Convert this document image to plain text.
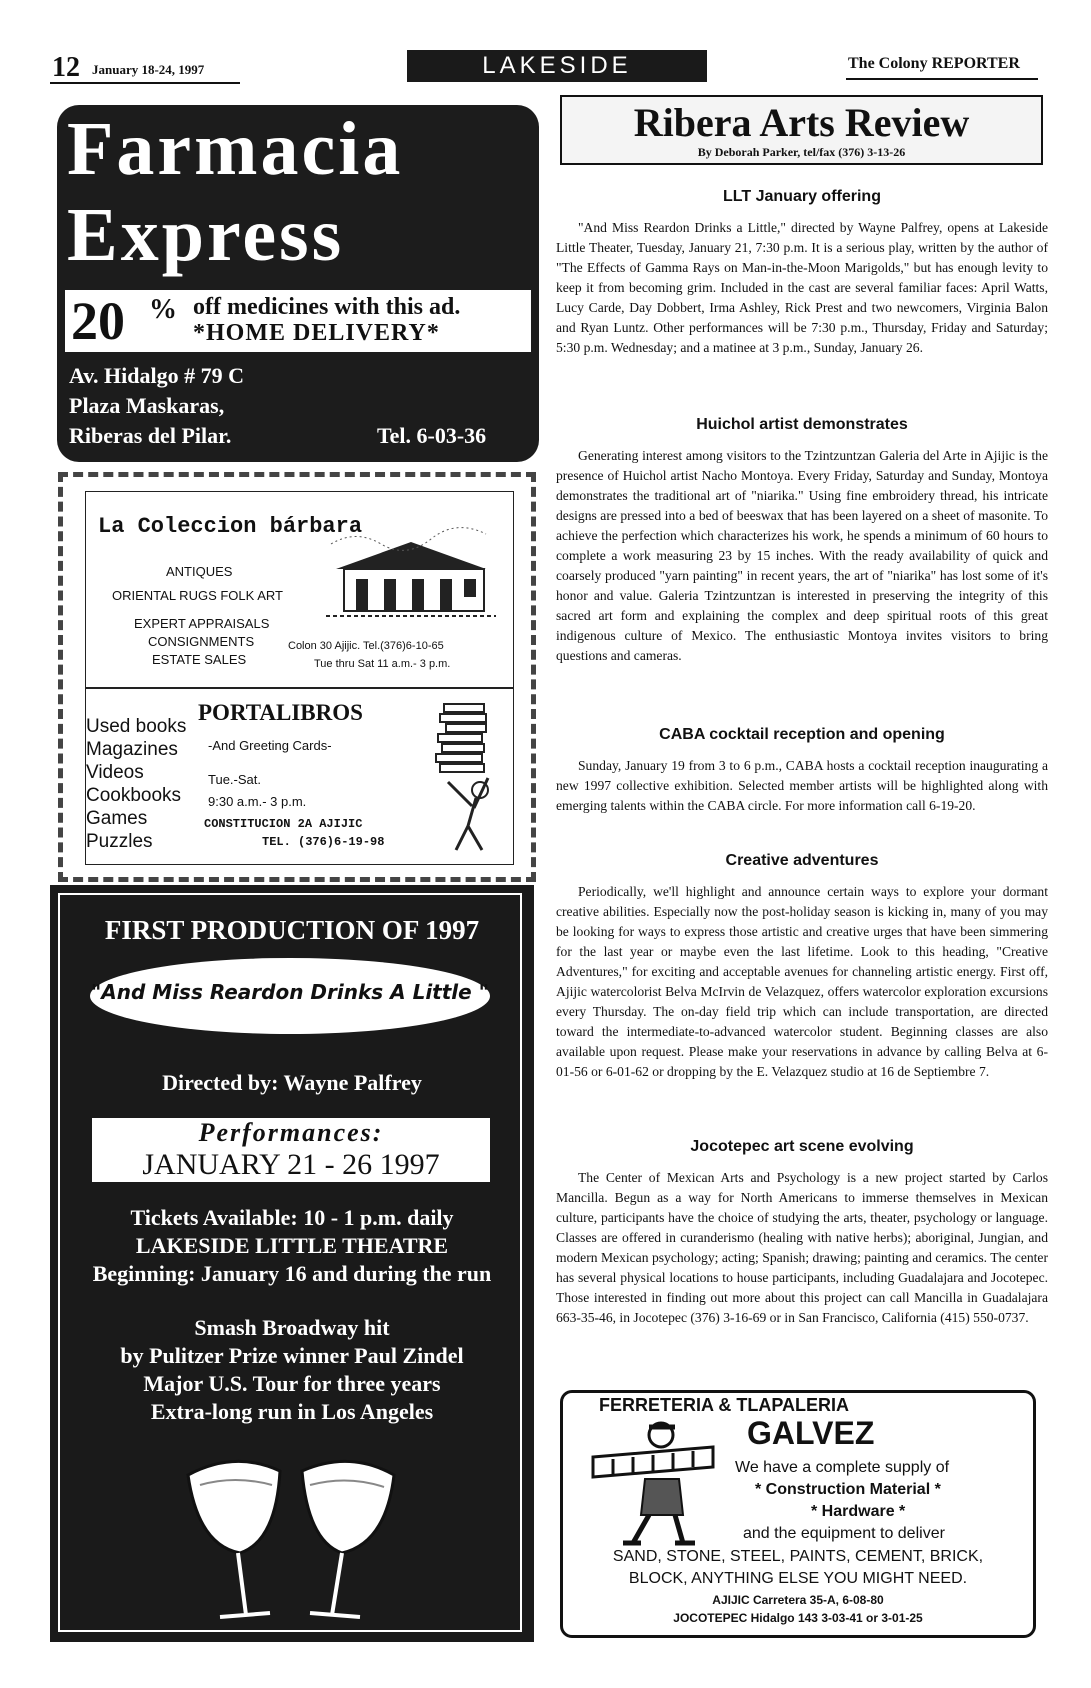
12 January 18-24, 1997	LAKESIDE	The Colony REPORTER
Farmacia
Express
20 % off medicines with this ad.
*HOME DELIVERY*
Av. Hidalgo # 79 C
Plaza Maskaras,
Riberas del Pilar.	Tel. 6-03-36
La Coleccion bárbara
ANTIQUES
ORIENTAL RUGS FOLK ART
EXPERT APPRAISALS
CONSIGNMENTS
ESTATE SALES
Colon 30 Ajijic. Tel.(376)6-10-65
Tue thru Sat 11 a.m.- 3 p.m.
PORTALIBROS
Used books
Magazines
Videos
Cookbooks
Games
Puzzles
-And Greeting Cards-
Tue.-Sat.
9:30 a.m.- 3 p.m.
CONSTITUCION 2A AJIJIC
TEL. (376)6-19-98
FIRST PRODUCTION OF 1997
"And Miss Reardon Drinks A Little "
Directed by: Wayne Palfrey
Performances:
JANUARY 21 - 26 1997
Tickets Available: 10 - 1 p.m. daily
LAKESIDE LITTLE THEATRE
Beginning: January 16 and during the run
Smash Broadway hit
by Pulitzer Prize winner Paul Zindel
Major U.S. Tour for three years
Extra-long run in Los Angeles
Ribera Arts Review
By Deborah Parker, tel/fax (376) 3-13-26
LLT January offering

"And Miss Reardon Drinks a Little," directed by Wayne Palfrey, opens at Lakeside Little Theater, Tuesday, January 21, 7:30 p.m. It is a serious play, written by the author of "The Effects of Gamma Rays on Man-in-the-Moon Marigolds," but has enough levity to keep it from becoming grim. Included in the cast are several familiar faces: April Watts, Lucy Carde, Day Dobbert, Irma Ashley, Rick Prest and two newcomers, Virginia Balon and Ryan Luntz. Other performances will be 7:30 p.m., Thursday, Friday and Saturday; 5:30 p.m. Wednesday; and a matinee at 3 p.m., Sunday, January 26.

Huichol artist demonstrates

Generating interest among visitors to the Tzintzuntzan Galeria del Arte in Ajijic is the presence of Huichol artist Nacho Montoya. Every Friday, Saturday and Sunday, Montoya demonstrates the traditional art of "niarika." Using fine embroidery thread, his intricate designs are pressed into a bed of beeswax that has been layered on a sheet of masonite. To achieve the perfection which characterizes his work, he spends a minimum of 60 hours to complete a work measuring 23 by 15 inches. With the ready availability of quick and coarsely produced "yarn painting" in recent years, the art of "niarika" has lost some of it's honor and value. Galeria Tzintzuntzan is interested in preserving the integrity of this sacred art form and explaining the complex and deep spiritual roots of this great indigenous culture of Mexico. The enthusiastic Montoya invites visitors to bring questions and cameras.

CABA cocktail reception and opening

Sunday, January 19 from 3 to 6 p.m., CABA hosts a cocktail reception inaugurating a new 1997 collective exhibition. Selected member artists will be highlighted along with emerging talents within the CABA circle. For more information call 6-19-20.

Creative adventures

Periodically, we'll highlight and announce certain ways to explore your dormant creative abilities. Especially now the post-holiday season is kicking in, many of you may be looking for ways to express those artistic and creative urges that have been simmering for the last year or maybe even the last lifetime. Look to this heading, "Creative Adventures," for exciting and acceptable avenues for channeling artistic energy. First off, Ajijic watercolorist Belva McIrvin de Velazquez, offers watercolor exploration excursions every Thursday. The on-day field trip which can include transportation, are directed toward the intermediate-to-advanced watercolor student. Beginning classes are also available upon request. Please make your reservations in advance by calling Belva at 6-01-56 or 6-01-62 or dropping by the E. Velazquez studio at 16 de Septiembre 7.

Jocotepec art scene evolving

The Center of Mexican Arts and Psychology is a new project started by Carlos Mancilla. Begun as a way for North Americans to immerse themselves in Mexican culture, participants have the choice of studying the arts, theater, psychology or language. Classes are offered in curanderismo (healing with native herbs); aboriginal, Jungian, and modern Mexican psychology; acting; Spanish; drawing; painting and ceramics. The center has several physical locations to house participants, including Guadalajara and Jocotepec. Those interested in finding out more about this project can call Mancilla in Guadalajara 663-35-46, in Jocotepec (376) 3-16-69 or in San Francisco, California (415) 550-0737.

FERRETERIA & TLAPALERIA
GALVEZ
We have a complete supply of
* Construction Material *
* Hardware *
and the equipment to deliver
SAND, STONE, STEEL, PAINTS, CEMENT, BRICK,
BLOCK, ANYTHING ELSE YOU MIGHT NEED.
AJIJIC Carretera 35-A, 6-08-80
JOCOTEPEC Hidalgo 143 3-03-41 or 3-01-25
